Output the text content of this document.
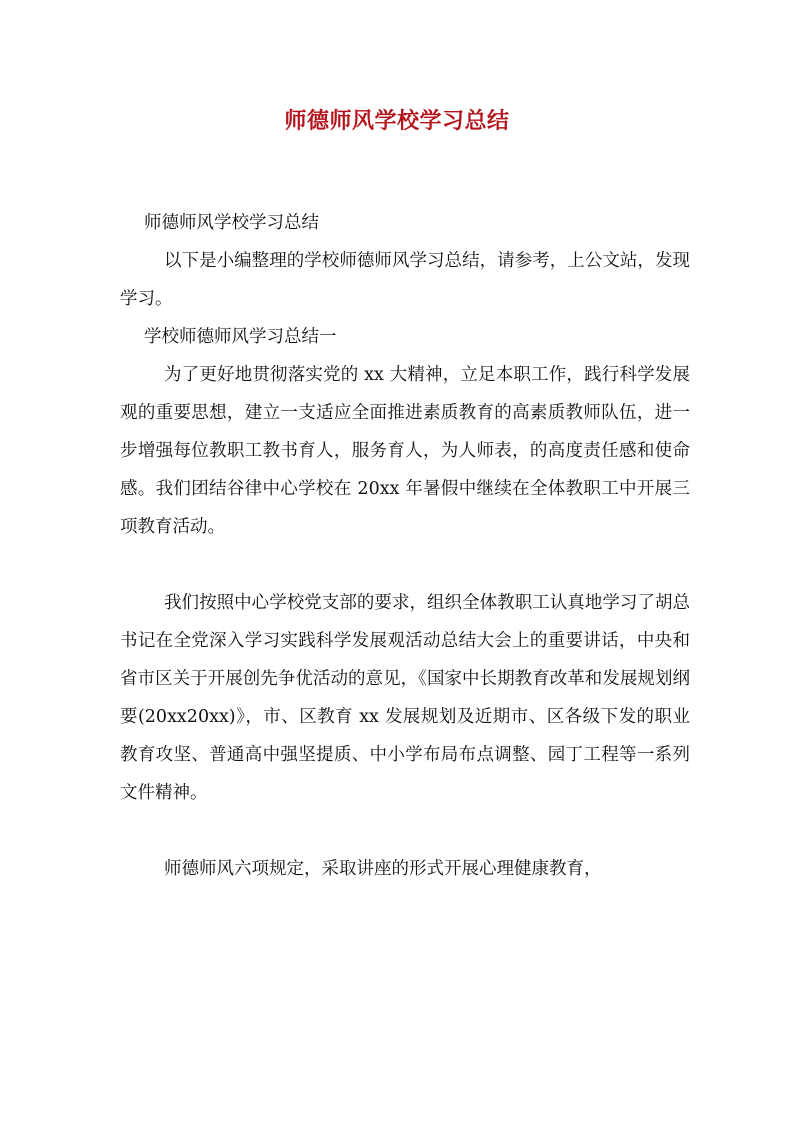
师德师风学校学习总结

师德师风学校学习总结

以下是小编整理的学校师德师风学习总结，请参考，上公文站，发现学习。

学校师德师风学习总结一

为了更好地贯彻落实党的 xx 大精神，立足本职工作，践行科学发展观的重要思想，建立一支适应全面推进素质教育的高素质教师队伍，进一步增强每位教职工教书育人，服务育人，为人师表，的高度责任感和使命感。我们团结谷律中心学校在 20xx 年暑假中继续在全体教职工中开展三项教育活动。

我们按照中心学校党支部的要求，组织全体教职工认真地学习了胡总书记在全党深入学习实践科学发展观活动总结大会上的重要讲话，中央和省市区关于开展创先争优活动的意见，《国家中长期教育改革和发展规划纲要(20xx20xx)》，市、区教育 xx 发展规划及近期市、区各级下发的职业教育攻坚、普通高中强坚提质、中小学布局布点调整、园丁工程等一系列文件精神。

师德师风六项规定，采取讲座的形式开展心理健康教育，
